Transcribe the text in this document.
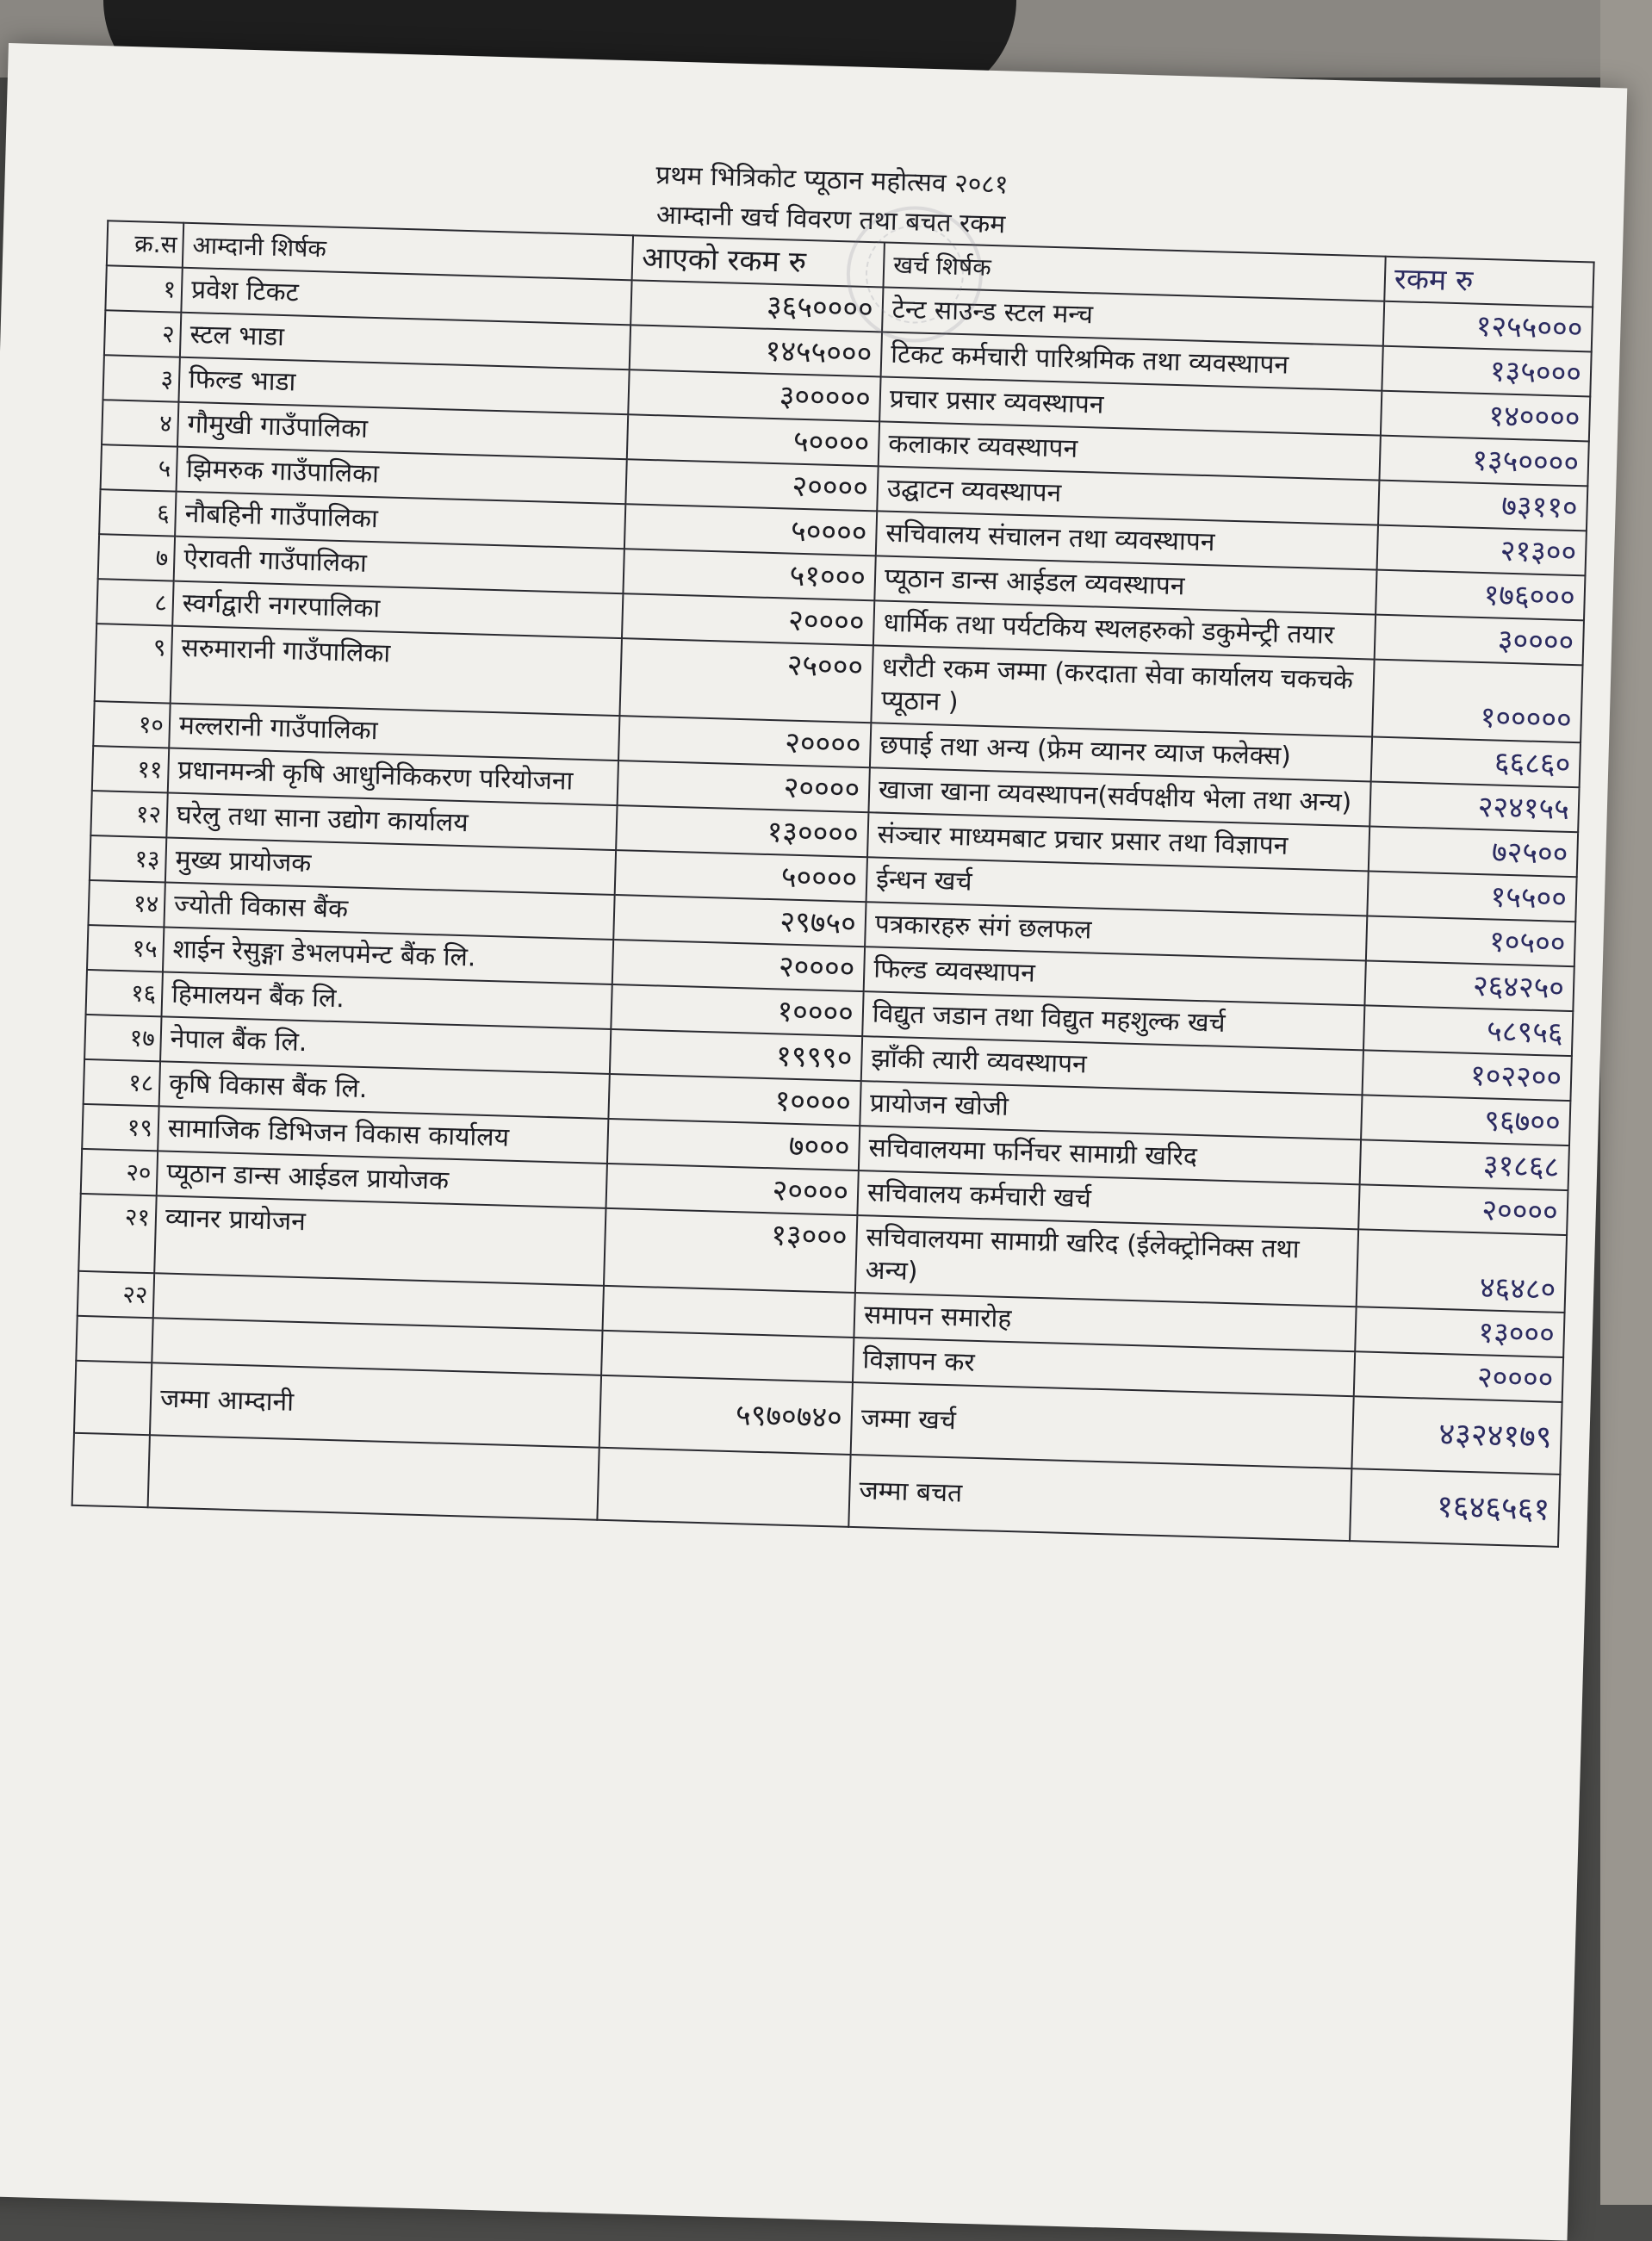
प्रथम भित्रिकोट प्यूठान महोत्सव २०८१
आम्दानी खर्च विवरण तथा बचत रकम
क्र.स	आम्दानी शिर्षक	आएको रकम रु	खर्च शिर्षक	रकम रु
१	प्रवेश टिकट	३६५००००	टेन्ट साउन्ड स्टल मन्च	१२५५०००
२	स्टल भाडा	१४५५०००	टिकट कर्मचारी पारिश्रमिक तथा व्यवस्थापन	१३५०००
३	फिल्ड भाडा	३०००००	प्रचार प्रसार व्यवस्थापन	१४००००
४	गौमुखी गाउँपालिका	५००००	कलाकार व्यवस्थापन	१३५००००
५	झिमरुक गाउँपालिका	२००००	उद्घाटन व्यवस्थापन	७३११०
६	नौबहिनी गाउँपालिका	५००००	सचिवालय संचालन तथा व्यवस्थापन	२१३००
७	ऐरावती गाउँपालिका	५१०००	प्यूठान डान्स आईडल व्यवस्थापन	१७६०००
८	स्वर्गद्वारी नगरपालिका	२००००	धार्मिक तथा पर्यटकिय स्थलहरुको डकुमेन्ट्री तयार	३००००
९	सरुमारानी गाउँपालिका	२५०००	धरौटी रकम जम्मा (करदाता सेवा कार्यालय चकचके प्यूठान )	१०००००
१०	मल्लरानी गाउँपालिका	२००००	छपाई तथा अन्य (फ्रेम व्यानर व्याज फलेक्स)	६६८६०
११	प्रधानमन्त्री कृषि आधुनिकिकरण परियोजना	२००००	खाजा खाना व्यवस्थापन(सर्वपक्षीय भेला तथा अन्य)	२२४१५५
१२	घरेलु तथा साना उद्योग कार्यालय	१३००००	संञ्चार माध्यमबाट प्रचार प्रसार तथा विज्ञापन	७२५००
१३	मुख्य प्रायोजक	५००००	ईन्धन खर्च	१५५००
१४	ज्योती विकास बैंक	२९७५०	पत्रकारहरु संगं छलफल	१०५००
१५	शाईन रेसुङ्गा डेभलपमेन्ट बैंक लि.	२००००	फिल्ड व्यवस्थापन	२६४२५०
१६	हिमालयन बैंक लि.	१००००	विद्युत जडान तथा विद्युत महशुल्क खर्च	५८९५६
१७	नेपाल बैंक लि.	१९९९०	झाँकी त्यारी व्यवस्थापन	१०२२००
१८	कृषि विकास बैंक लि.	१००००	प्रायोजन खोजी	९६७००
१९	सामाजिक डिभिजन विकास कार्यालय	७०००	सचिवालयमा फर्निचर सामाग्री खरिद	३१८६८
२०	प्यूठान डान्स आईडल प्रायोजक	२००००	सचिवालय कर्मचारी खर्च	२००००
२१	व्यानर प्रायोजन	१३०००	सचिवालयमा सामाग्री खरिद (ईलेक्ट्रोनिक्स तथा अन्य)	४६४८०
२२			समापन समारोह	१३०००
			विज्ञापन कर	२००००
	जम्मा आम्दानी	५९७०७४०	जम्मा खर्च	४३२४१७९
			जम्मा बचत	१६४६५६१
